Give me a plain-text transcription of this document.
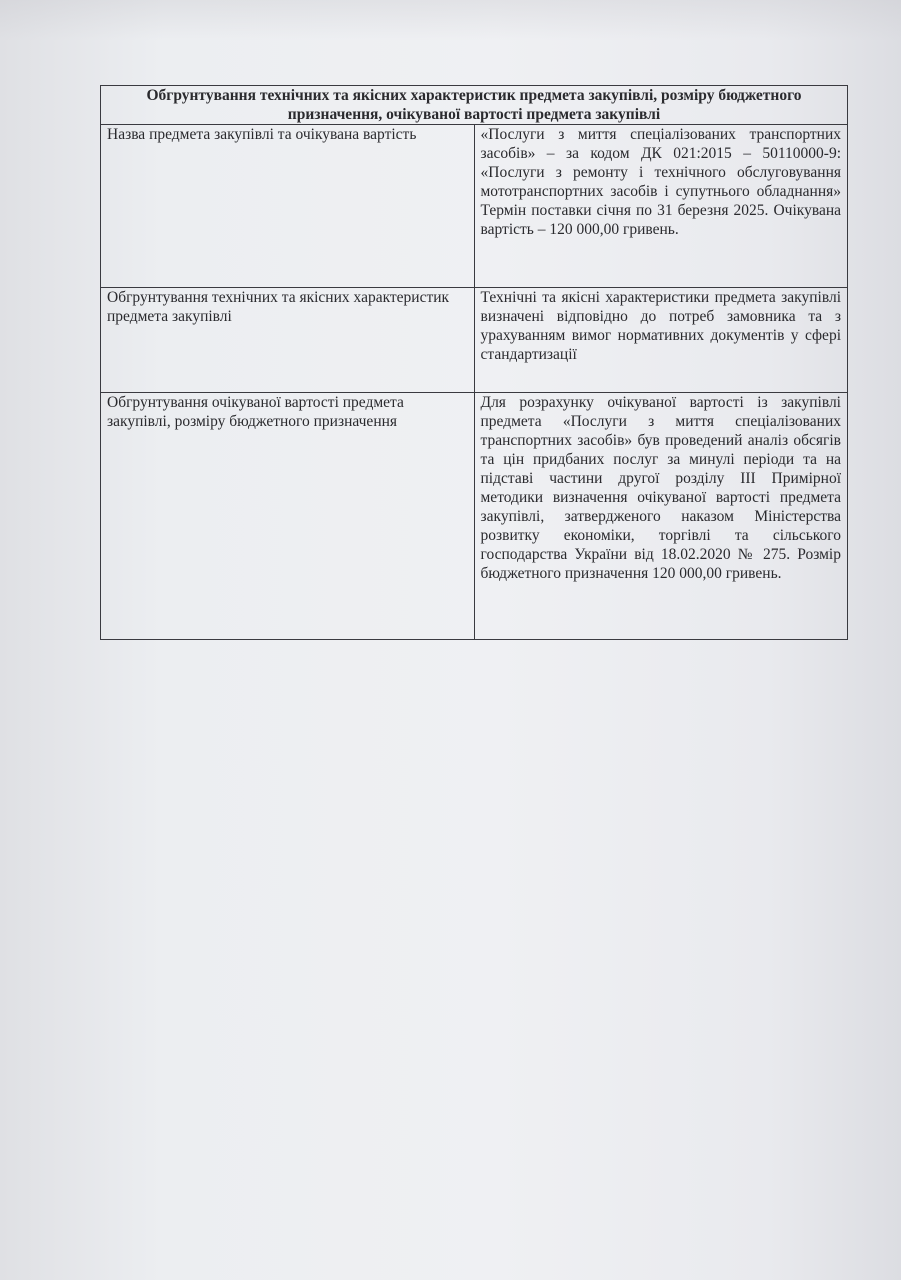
Обгрунтування технічних та якісних характеристик предмета закупівлі, розміру бюджетного призначення, очікуваної вартості предмета закупівлі	
Назва предмета закупівлі та очікувана вартість	«Послуги з миття спеціалізованих транспортних засобів» – за кодом ДК 021:2015 – 50110000-9: «Послуги з ремонту і технічного обслуговування мототранспортних засобів і супутнього обладнання» Термін поставки січня по 31 березня 2025. Очікувана вартість – 120 000,00 гривень.
Обгрунтування технічних та якісних характеристик предмета закупівлі	Технічні та якісні характеристики предмета закупівлі визначені відповідно до потреб замовника та з урахуванням вимог нормативних документів у сфері стандартизації
Обгрунтування очікуваної вартості предмета закупівлі, розміру бюджетного призначення	Для розрахунку очікуваної вартості із закупівлі предмета «Послуги з миття спеціалізованих транспортних засобів» був проведений аналіз обсягів та цін придбаних послуг за минулі періоди та на підставі частини другої розділу ІІІ Примірної методики визначення очікуваної вартості предмета закупівлі, затвердженого наказом Міністерства розвитку економіки, торгівлі та сільського господарства України від 18.02.2020 № 275. Розмір бюджетного призначення 120 000,00 гривень.
